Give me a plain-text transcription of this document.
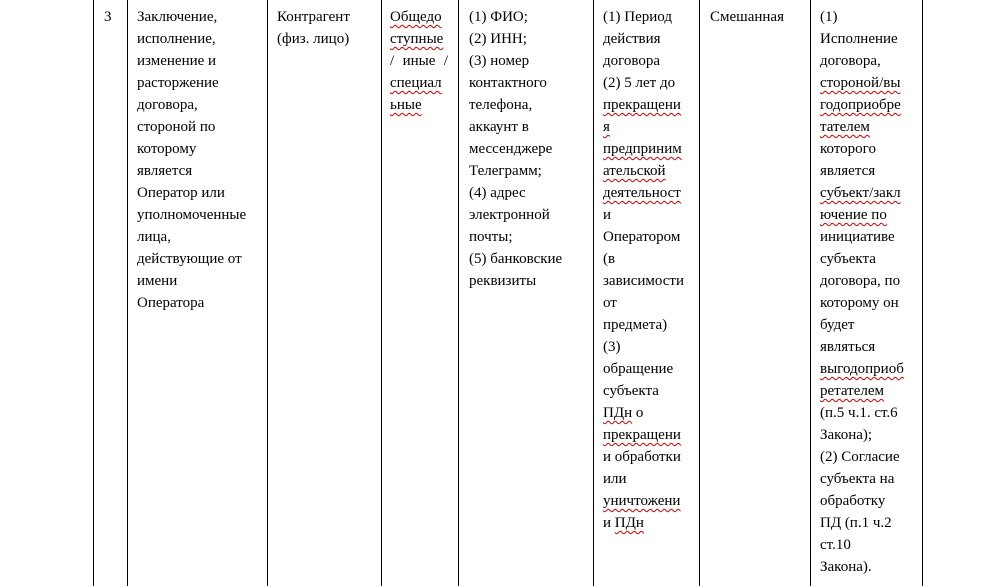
3	Заключение,
исполнение,
изменение и
расторжение
договора,
стороной по
которому
является
Оператор или
уполномоченные
лица,
действующие от
имени
Оператора
Контрагент
(физ. лицо)
Общедо
ступные
/ иные /
специал
ьные
(1) ФИО;
(2) ИНН;
(3) номер
контактного
телефона,
аккаунт в
мессенджере
Телеграмм;
(4) адрес
электронной
почты;
(5) банковские
реквизиты
(1) Период
действия
договора
(2) 5 лет до
прекращени
я
предприним
ательской
деятельност
и
Оператором
(в
зависимости
от
предмета)
(3)
обращение
субъекта
ПДн о
прекращени
и обработки
или
уничтожени
и ПДн
Смешанная	(1)
Исполнение
договора,
стороной/вы
годоприобре
тателем
которого
является
субъект/закл
ючение по
инициативе
субъекта
договора, по
которому он
будет
являться
выгодоприоб
ретателем
(п.5 ч.1. ст.6
Закона);
(2) Согласие
субъекта на
обработку
ПД (п.1 ч.2
ст.10
Закона).
